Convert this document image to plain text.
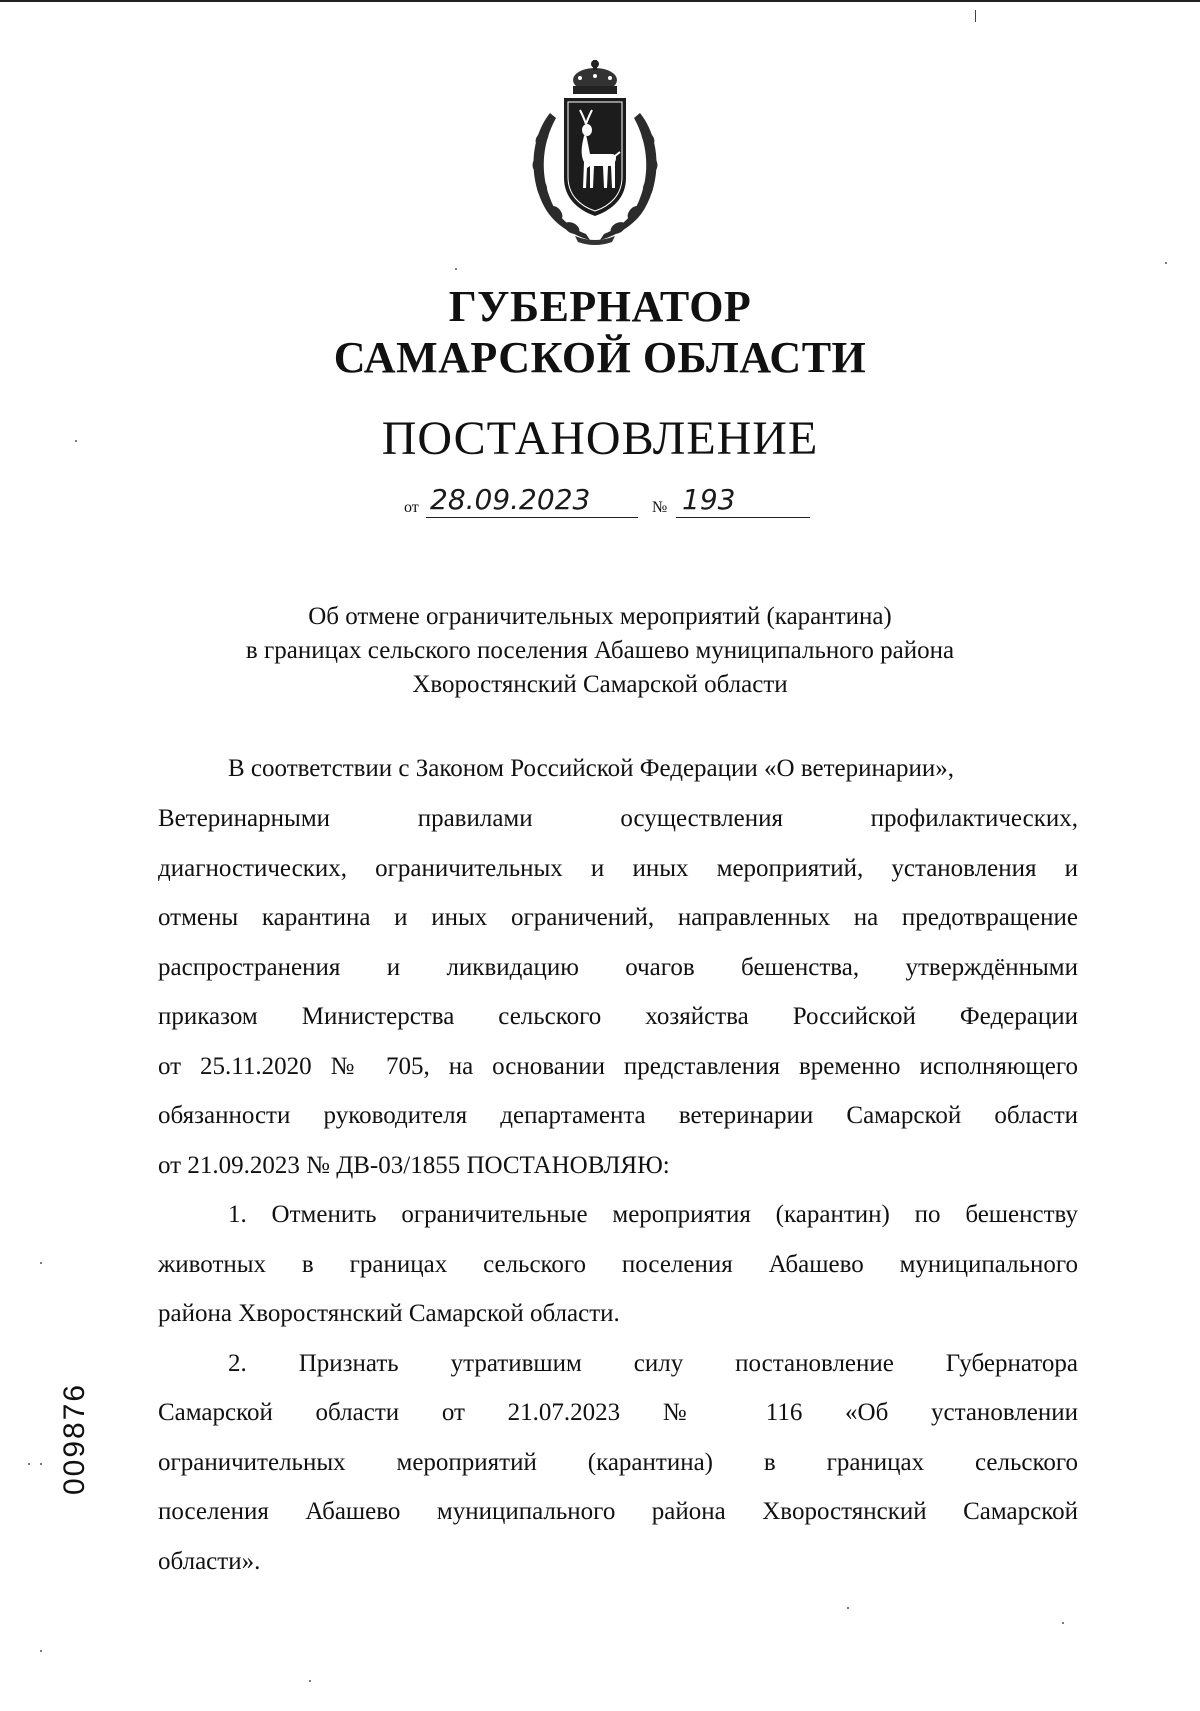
ГУБЕРНАТОР
САМАРСКОЙ ОБЛАСТИ
ПОСТАНОВЛЕНИЕ
от 28.09.2023	№ 193
Об отмене ограничительных мероприятий (карантина)
в границах сельского поселения Абашево муниципального района
Хворостянский Самарской области
В соответствии с Законом Российской Федерации «О ветеринарии»,
Ветеринарными правилами осуществления профилактических,
диагностических, ограничительных и иных мероприятий, установления и
отмены карантина и иных ограничений, направленных на предотвращение
распространения и ликвидацию очагов бешенства, утверждёнными
приказом Министерства сельского хозяйства Российской Федерации
от 25.11.2020 № 705, на основании представления временно исполняющего
обязанности руководителя департамента ветеринарии Самарской области
от 21.09.2023 № ДВ-03/1855 ПОСТАНОВЛЯЮ:
1. Отменить ограничительные мероприятия (карантин) по бешенству
животных в границах сельского поселения Абашево муниципального
района Хворостянский Самарской области.
2. Признать утратившим силу постановление Губернатора
Самарской области от 21.07.2023 № 116 «Об установлении
ограничительных мероприятий (карантина) в границах сельского
поселения Абашево муниципального района Хворостянский Самарской
области».
009876
